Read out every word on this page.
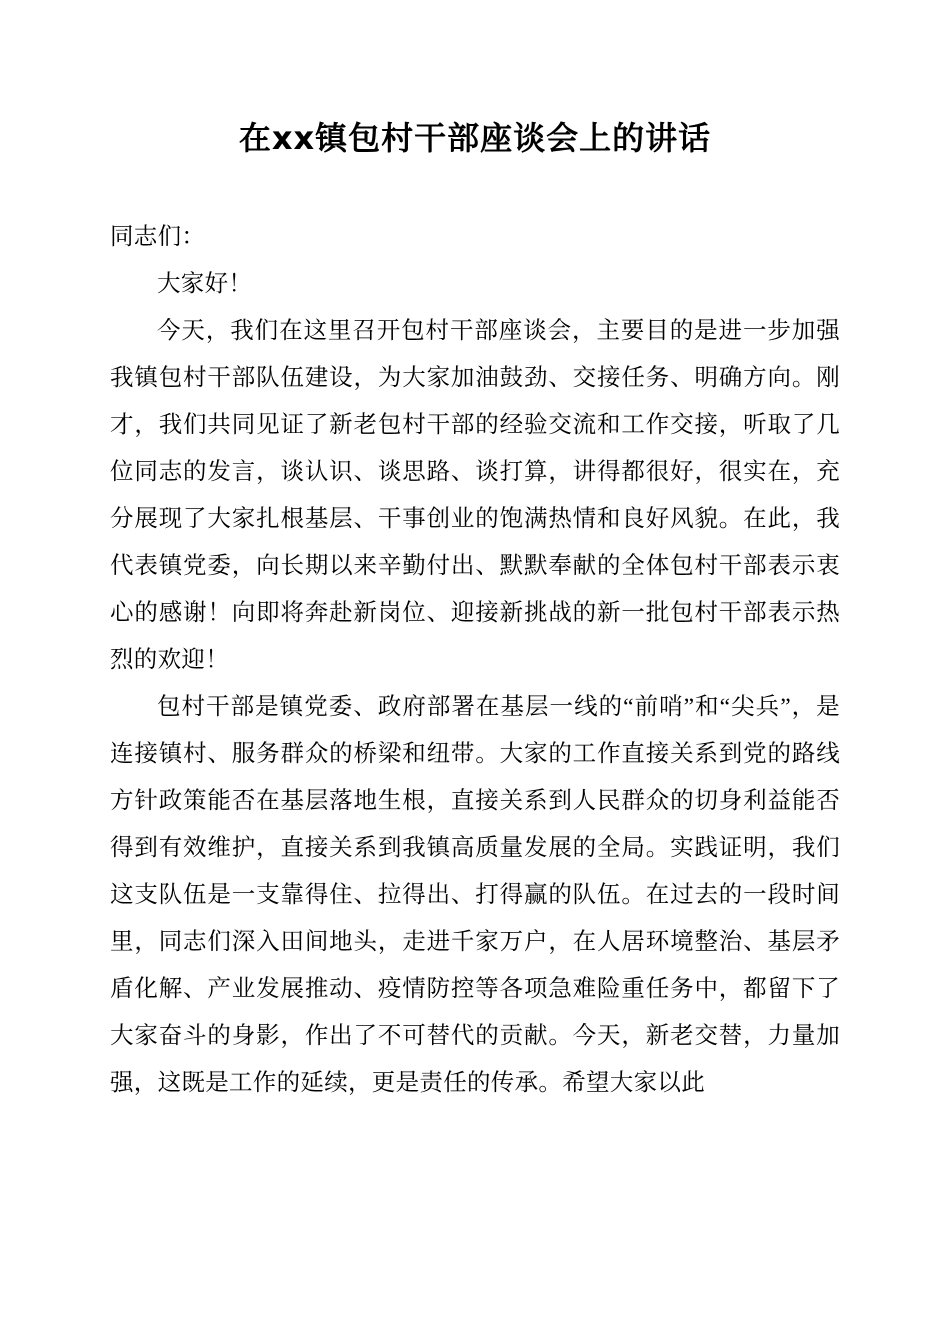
在xx镇包村干部座谈会上的讲话

同志们：

大家好！

今天，我们在这里召开包村干部座谈会，主要目的是进一步加强我镇包村干部队伍建设，为大家加油鼓劲、交接任务、明确方向。刚才，我们共同见证了新老包村干部的经验交流和工作交接，听取了几位同志的发言，谈认识、谈思路、谈打算，讲得都很好，很实在，充分展现了大家扎根基层、干事创业的饱满热情和良好风貌。在此，我代表镇党委，向长期以来辛勤付出、默默奉献的全体包村干部表示衷心的感谢！向即将奔赴新岗位、迎接新挑战的新一批包村干部表示热烈的欢迎！

包村干部是镇党委、政府部署在基层一线的“前哨”和“尖兵”，是连接镇村、服务群众的桥梁和纽带。大家的工作直接关系到党的路线方针政策能否在基层落地生根，直接关系到人民群众的切身利益能否得到有效维护，直接关系到我镇高质量发展的全局。实践证明，我们这支队伍是一支靠得住、拉得出、打得赢的队伍。在过去的一段时间里，同志们深入田间地头，走进千家万户，在人居环境整治、基层矛盾化解、产业发展推动、疫情防控等各项急难险重任务中，都留下了大家奋斗的身影，作出了不可替代的贡献。今天，新老交替，力量加强，这既是工作的延续，更是责任的传承。希望大家以此
